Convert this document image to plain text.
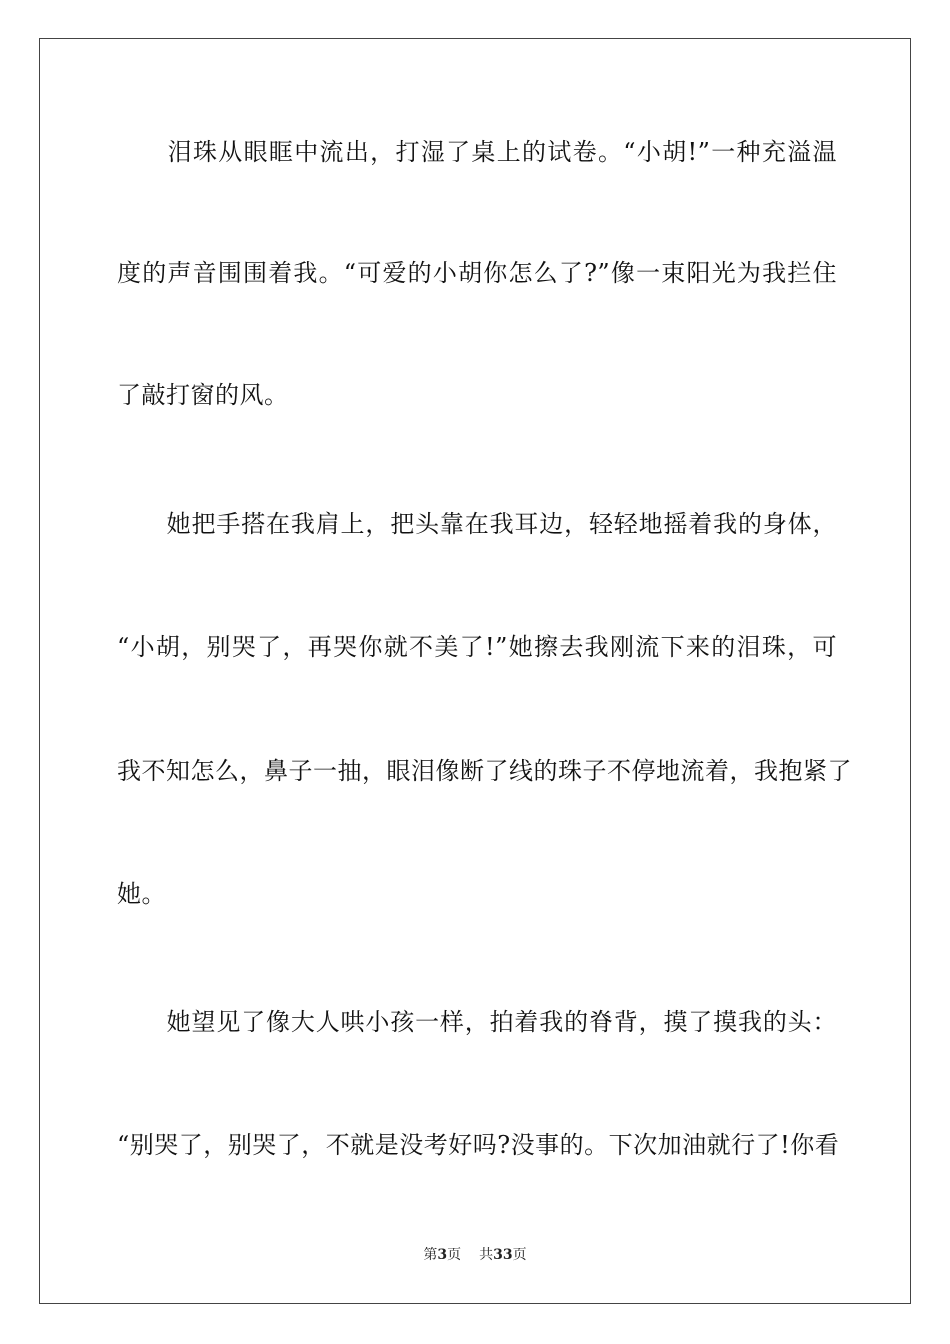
　　泪珠从眼眶中流出，打湿了桌上的试卷。“小胡!”一种充溢温
度的声音围围着我。“可爱的小胡你怎么了?”像一束阳光为我拦住
了敲打窗的风。
　　她把手搭在我肩上，把头靠在我耳边，轻轻地摇着我的身体，
“小胡，别哭了，再哭你就不美了!”她擦去我刚流下来的泪珠，可
我不知怎么，鼻子一抽，眼泪像断了线的珠子不停地流着，我抱紧了
她。
　　她望见了像大人哄小孩一样，拍着我的脊背，摸了摸我的头：
“别哭了，别哭了，不就是没考好吗?没事的。下次加油就行了!你看
第3页 共33页
